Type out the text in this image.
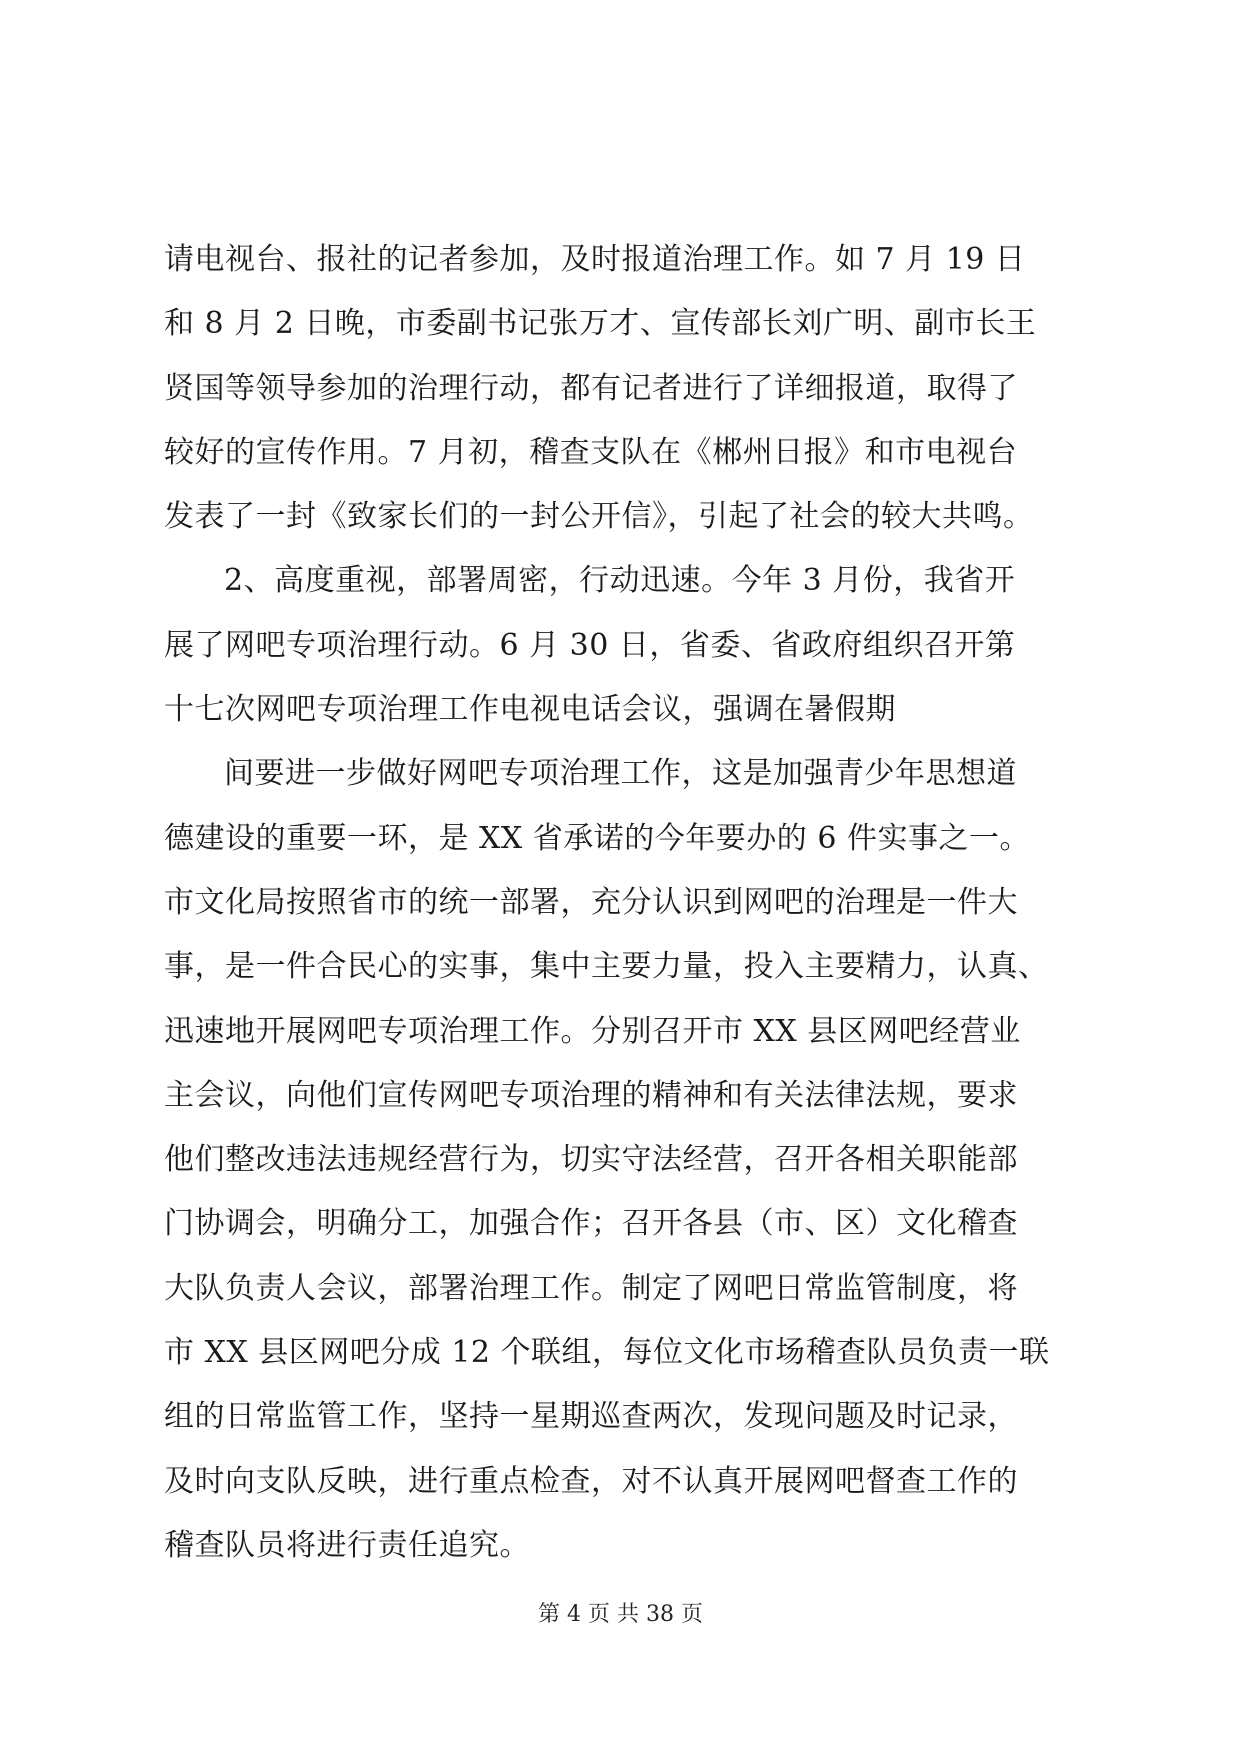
请电视台、报社的记者参加，及时报道治理工作。如 7 月 19 日
和 8 月 2 日晚，市委副书记张万才、宣传部长刘广明、副市长王
贤国等领导参加的治理行动，都有记者进行了详细报道，取得了
较好的宣传作用。7 月初，稽查支队在《郴州日报》和市电视台
发表了一封《致家长们的一封公开信》，引起了社会的较大共鸣。
2、高度重视，部署周密，行动迅速。今年 3 月份，我省开
展了网吧专项治理行动。6 月 30 日，省委、省政府组织召开第
十七次网吧专项治理工作电视电话会议，强调在暑假期
间要进一步做好网吧专项治理工作，这是加强青少年思想道
德建设的重要一环，是 XX 省承诺的今年要办的 6 件实事之一。
市文化局按照省市的统一部署，充分认识到网吧的治理是一件大
事，是一件合民心的实事，集中主要力量，投入主要精力，认真、
迅速地开展网吧专项治理工作。分别召开市 XX 县区网吧经营业
主会议，向他们宣传网吧专项治理的精神和有关法律法规，要求
他们整改违法违规经营行为，切实守法经营，召开各相关职能部
门协调会，明确分工，加强合作；召开各县（市、区）文化稽查
大队负责人会议，部署治理工作。制定了网吧日常监管制度，将
市 XX 县区网吧分成 12 个联组，每位文化市场稽查队员负责一联
组的日常监管工作，坚持一星期巡查两次，发现问题及时记录，
及时向支队反映，进行重点检查，对不认真开展网吧督查工作的
稽查队员将进行责任追究。
第 4 页 共 38 页
